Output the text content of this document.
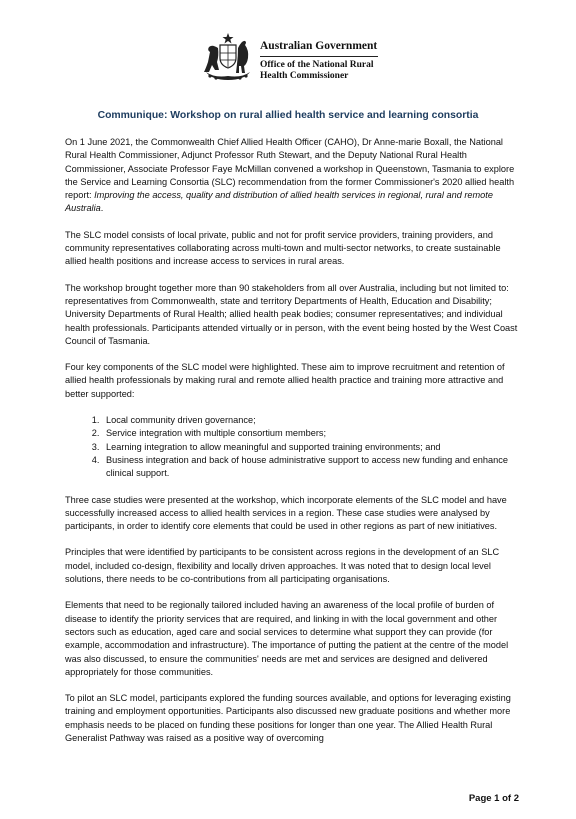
Australian Government
Office of the National Rural
Health Commissioner
Communique: Workshop on rural allied health service and learning consortia

On 1 June 2021, the Commonwealth Chief Allied Health Officer (CAHO), Dr Anne-marie Boxall, the National Rural Health Commissioner, Adjunct Professor Ruth Stewart, and the Deputy National Rural Health Commissioner, Associate Professor Faye McMillan convened a workshop in Queenstown, Tasmania to explore the Service and Learning Consortia (SLC) recommendation from the former Commissioner's 2020 allied health report: Improving the access, quality and distribution of allied health services in regional, rural and remote Australia.

The SLC model consists of local private, public and not for profit service providers, training providers, and community representatives collaborating across multi-town and multi-sector networks, to create sustainable allied health positions and increase access to services in rural areas.

The workshop brought together more than 90 stakeholders from all over Australia, including but not limited to: representatives from Commonwealth, state and territory Departments of Health, Education and Disability; University Departments of Rural Health; allied health peak bodies; consumer representatives; and individual health professionals. Participants attended virtually or in person, with the event being hosted by the West Coast Council of Tasmania.

Four key components of the SLC model were highlighted. These aim to improve recruitment and retention of allied health professionals by making rural and remote allied health practice and training more attractive and better supported:

1. Local community driven governance;
2. Service integration with multiple consortium members;
3. Learning integration to allow meaningful and supported training environments; and
4. Business integration and back of house administrative support to access new funding and enhance clinical support.

Three case studies were presented at the workshop, which incorporate elements of the SLC model and have successfully increased access to allied health services in a region. These case studies were analysed by participants, in order to identify core elements that could be used in other regions as part of new initiatives.

Principles that were identified by participants to be consistent across regions in the development of an SLC model, included co-design, flexibility and locally driven approaches. It was noted that to design local level solutions, there needs to be co-contributions from all participating organisations.

Elements that need to be regionally tailored included having an awareness of the local profile of burden of disease to identify the priority services that are required, and linking in with the local government and other sectors such as education, aged care and social services to determine what support they can provide (for example, accommodation and infrastructure). The importance of putting the patient at the centre of the model was also discussed, to ensure the communities' needs are met and services are designed and delivered appropriately for those communities.

To pilot an SLC model, participants explored the funding sources available, and options for leveraging existing training and employment opportunities. Participants also discussed new graduate positions and whether more emphasis needs to be placed on funding these positions for longer than one year. The Allied Health Rural Generalist Pathway was raised as a positive way of overcoming

Page 1 of 2
